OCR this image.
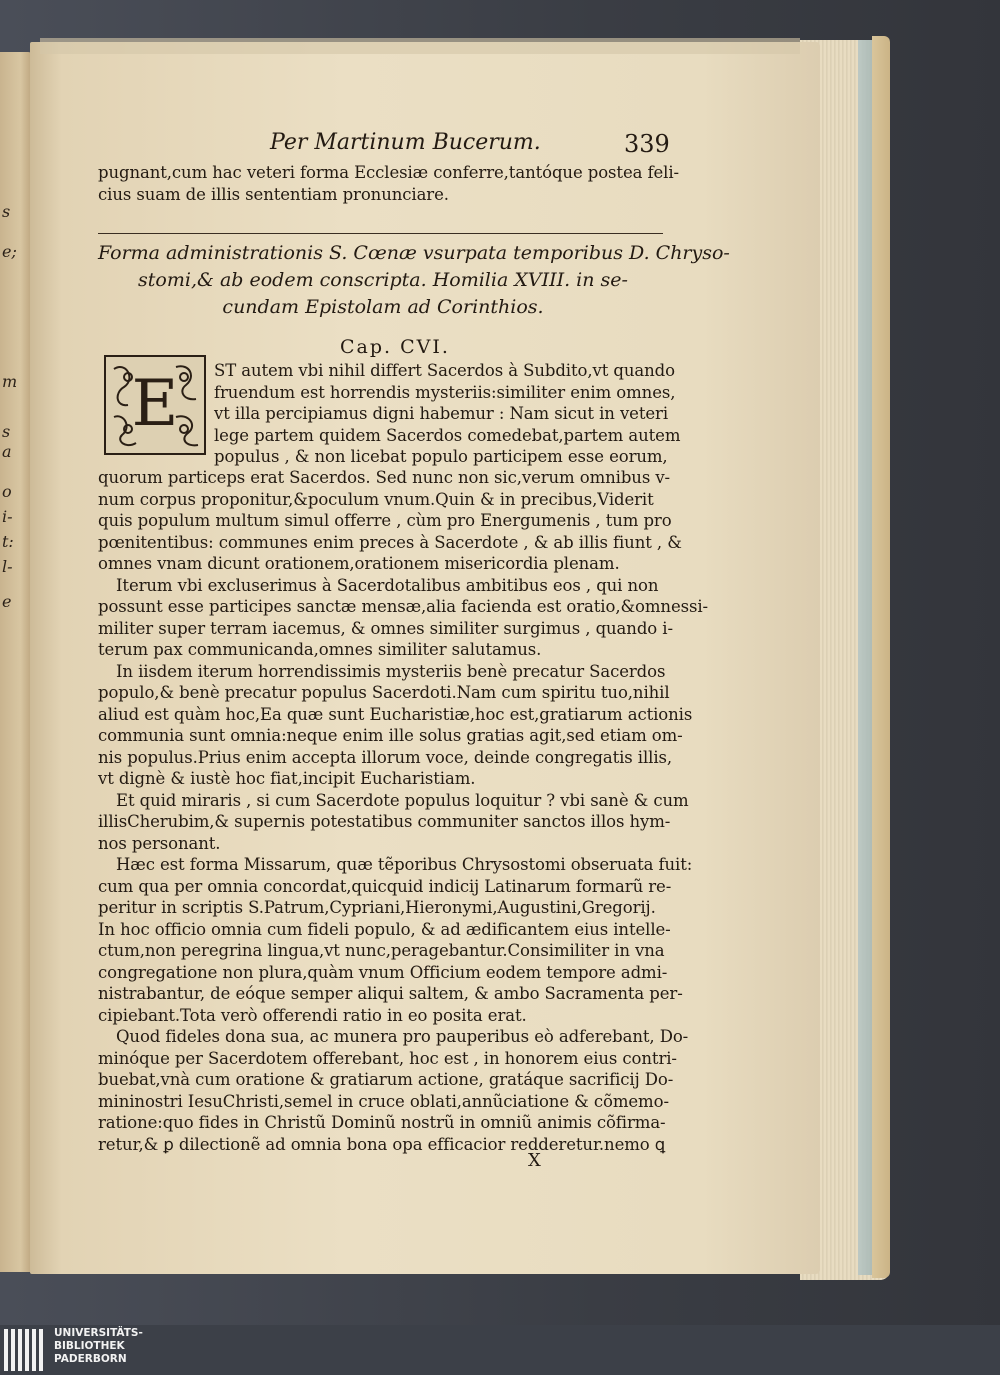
s
e;
m
s
a
o
i-
t:
l-
e
Per Martinum Bucerum.	339

pugnant,cum hac veteri forma Ecclesiæ conferre,tantóque postea feli-

cius suam de illis sententiam pronunciare.

Forma administrationis S. Cœnæ vsurpata temporibus D. Chryso-

stomi,& ab eodem conscripta. Homilia XVIII. in se-

cundam Epistolam ad Corinthios.

Cap. CVI.
E ST autem vbi nihil differt Sacerdos à Subdito,vt quando

fruendum est horrendis mysteriis:similiter enim omnes,

vt illa percipiamus digni habemur : Nam sicut in veteri

lege partem quidem Sacerdos comedebat,partem autem

populus , & non licebat populo participem esse eorum,

quorum particeps erat Sacerdos. Sed nunc non sic,verum omnibus v-

num corpus proponitur,&poculum vnum.Quin & in precibus,Viderit

quis populum multum simul offerre , cùm pro Energumenis , tum pro

pœnitentibus: communes enim preces à Sacerdote , & ab illis fiunt , &

omnes vnam dicunt orationem,orationem misericordia plenam.

Iterum vbi excluserimus à Sacerdotalibus ambitibus eos , qui non

possunt esse participes sanctæ mensæ,alia facienda est oratio,&omnessi-

militer super terram iacemus, & omnes similiter surgimus , quando i-

terum pax communicanda,omnes similiter salutamus.

In iisdem iterum horrendissimis mysteriis benè precatur Sacerdos

populo,& benè precatur populus Sacerdoti.Nam cum spiritu tuo,nihil

aliud est quàm hoc,Ea quæ sunt Eucharistiæ,hoc est,gratiarum actionis

communia sunt omnia:neque enim ille solus gratias agit,sed etiam om-

nis populus.Prius enim accepta illorum voce, deinde congregatis illis,

vt dignè & iustè hoc fiat,incipit Eucharistiam.

Et quid miraris , si cum Sacerdote populus loquitur ? vbi sanè & cum

illisCherubim,& supernis potestatibus communiter sanctos illos hym-

nos personant.

Hæc est forma Missarum, quæ tẽporibus Chrysostomi obseruata fuit:

cum qua per omnia concordat,quicquid indicij Latinarum formarũ re-

peritur in scriptis S.Patrum,Cypriani,Hieronymi,Augustini,Gregorij.

In hoc officio omnia cum fideli populo, & ad ædificantem eius intelle-

ctum,non peregrina lingua,vt nunc,peragebantur.Consimiliter in vna

congregatione non plura,quàm vnum Officium eodem tempore admi-

nistrabantur, de eóque semper aliqui saltem, & ambo Sacramenta per-

cipiebant.Tota verò offerendi ratio in eo posita erat.

Quod fideles dona sua, ac munera pro pauperibus eò adferebant, Do-

minóque per Sacerdotem offerebant, hoc est , in honorem eius contri-

buebat,vnà cum oratione & gratiarum actione, gratáque sacrificij Do-

mininostri IesuChristi,semel in cruce oblati,annũciatione & cõmemo-

ratione:quo fides in Christũ Dominũ nostrũ in omniũ animis cõfirma-

retur,& ꝑ dilectionẽ ad omnia bona opa efficacior redderetur.nemo ꝗ

X
UNIVERSITÄTS-
BIBLIOTHEK
PADERBORN
